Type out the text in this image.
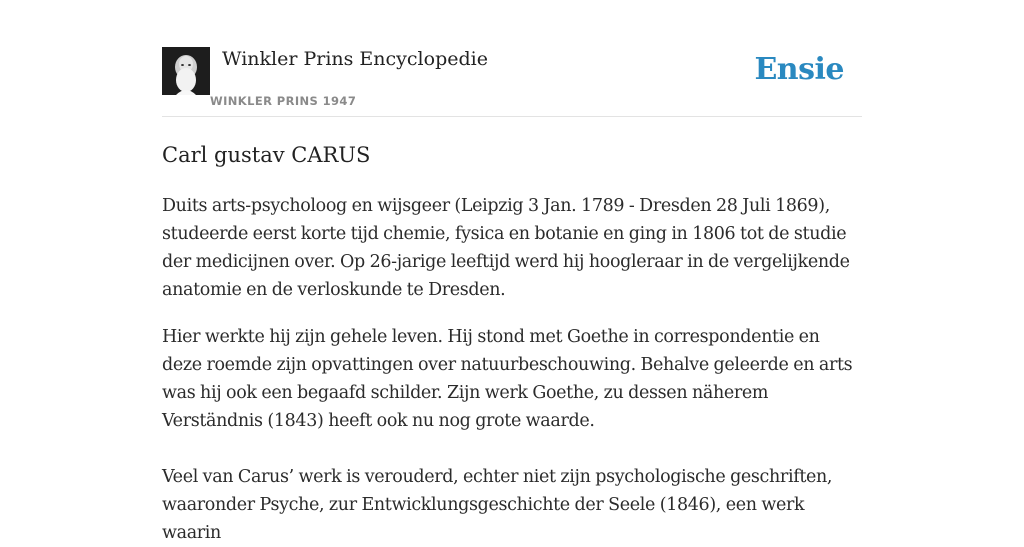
Winkler Prins Encyclopedie
WINKLER PRINS 1947
Ensie
Carl gustav CARUS

Duits arts-psycholoog en wijsgeer (Leipzig 3 Jan. 1789 - Dresden 28 Juli 1869), studeerde eerst korte tijd chemie, fysica en botanie en ging in 1806 tot de studie der medicijnen over. Op 26-jarige leeftijd werd hij hoogleraar in de vergelijkende anatomie en de verloskunde te Dresden.

Hier werkte hij zijn gehele leven. Hij stond met Goethe in correspondentie en deze roemde zijn opvattingen over natuurbeschouwing. Behalve geleerde en arts was hij ook een begaafd schilder. Zijn werk Goethe, zu dessen näherem Verständnis (1843) heeft ook nu nog grote waarde.

Veel van Carus’ werk is verouderd, echter niet zijn psychologische geschriften, waaronder Psyche, zur Entwicklungsgeschichte der Seele (1846), een werk waarin
